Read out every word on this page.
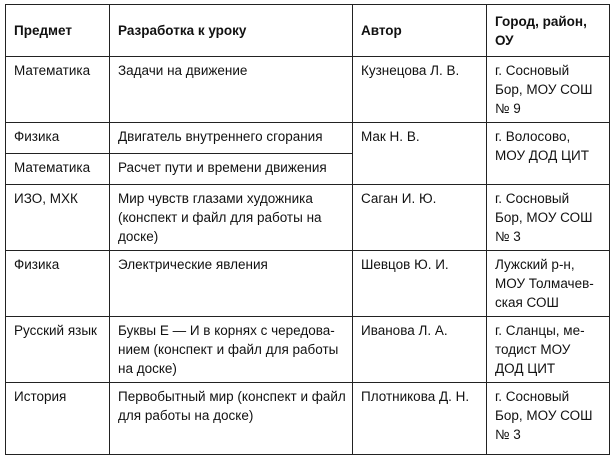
Предмет	Разработка к уроку	Автор	Город, район,
ОУ
Математика	Задачи на движение	Кузнецова Л. В.	г. Сосновый
Бор, МОУ СОШ
№ 9
Физика	Двигатель внутреннего сгорания	Мак Н. В.	г. Волосово,
МОУ ДОД ЦИТ
Математика	Расчет пути и времени движения		
ИЗО, МХК	Мир чувств глазами художника
(конспект и файл для работы на
доске)	Саган И. Ю.	г. Сосновый
Бор, МОУ СОШ
№ 3
Физика	Электрические явления	Шевцов Ю. И.	Лужский р-н,
МОУ Толмачев-
ская СОШ
Русский язык	Буквы Е — И в корнях с чередова-
нием (конспект и файл для работы
на доске)	Иванова Л. А.	г. Сланцы, ме-
тодист МОУ
ДОД ЦИТ
История	Первобытный мир (конспект и файл
для работы на доске)	Плотникова Д. Н.	г. Сосновый
Бор, МОУ СОШ
№ 3
